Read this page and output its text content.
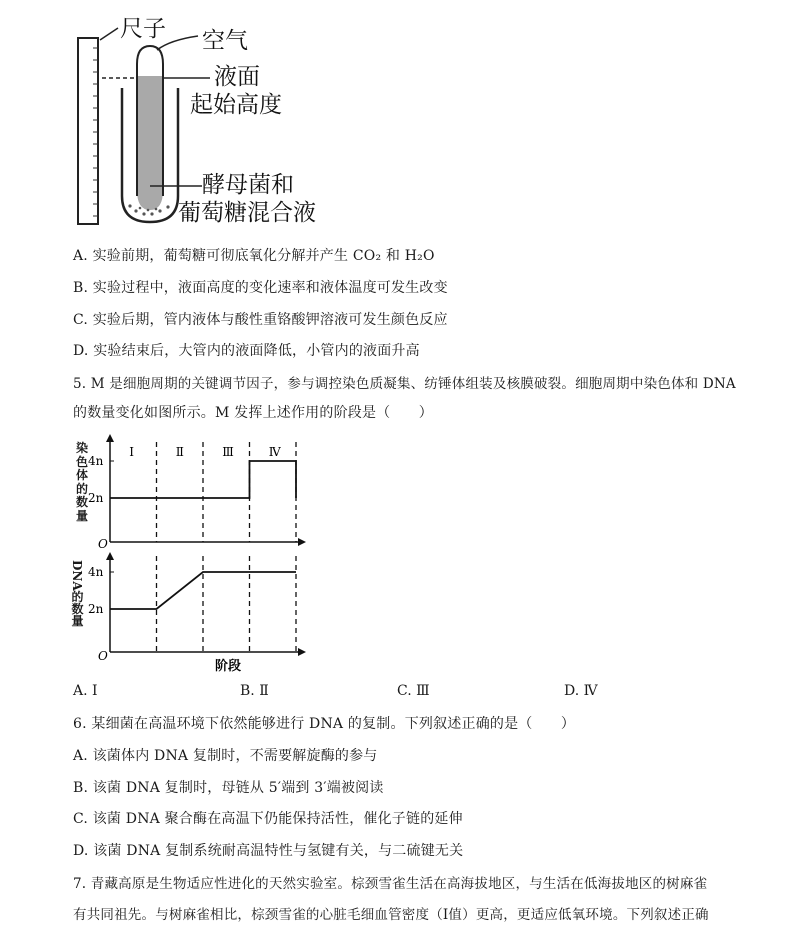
尺子 空气
液面
起始高度
酵母菌和
葡萄糖混合液
A. 实验前期，葡萄糖可彻底氧化分解并产生 CO₂ 和 H₂O
B. 实验过程中，液面高度的变化速率和液体温度可发生改变
C. 实验后期，管内液体与酸性重铬酸钾溶液可发生颜色反应
D. 实验结束后，大管内的液面降低，小管内的液面升高
5. M 是细胞周期的关键调节因子，参与调控染色质凝集、纺锤体组装及核膜破裂。细胞周期中染色体和 DNA
的数量变化如图所示。M 发挥上述作用的阶段是（　　）
Ⅰ	Ⅱ	Ⅲ	Ⅳ
4n
2n
O
4n
2n
O
阶段
染色体的数量
DNA的数量
A. Ⅰ	B. Ⅱ	C. Ⅲ	D. Ⅳ
6. 某细菌在高温环境下依然能够进行 DNA 的复制。下列叙述正确的是（　　）
A. 该菌体内 DNA 复制时，不需要解旋酶的参与
B. 该菌 DNA 复制时，母链从 5′端到 3′端被阅读
C. 该菌 DNA 聚合酶在高温下仍能保持活性，催化子链的延伸
D. 该菌 DNA 复制系统耐高温特性与氢键有关，与二硫键无关
7. 青藏高原是生物适应性进化的天然实验室。棕颈雪雀生活在高海拔地区，与生活在低海拔地区的树麻雀
有共同祖先。与树麻雀相比，棕颈雪雀的心脏毛细血管密度（Ⅰ值）更高，更适应低氧环境。下列叙述正确
